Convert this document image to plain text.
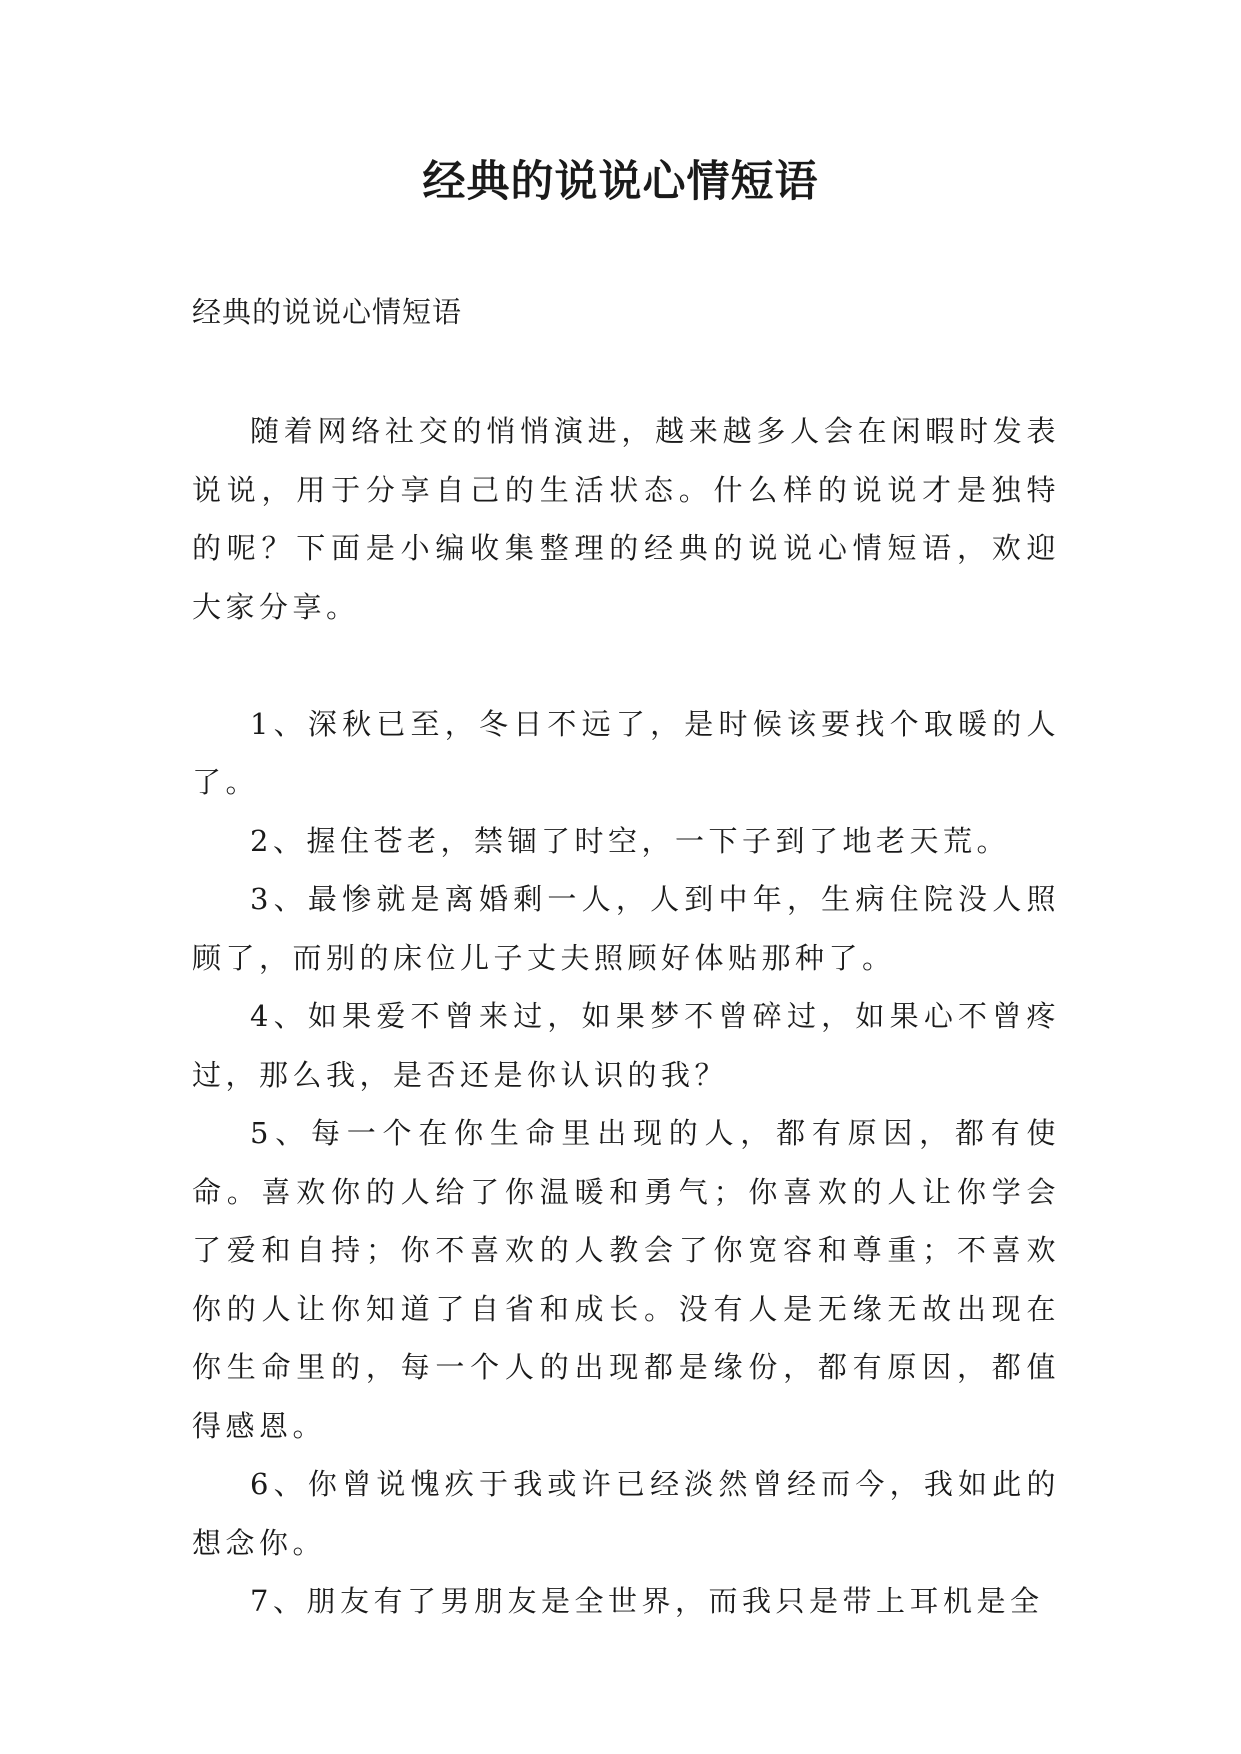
经典的说说心情短语
经典的说说心情短语

随着网络社交的悄悄演进，越来越多人会在闲暇时发表说说，用于分享自己的生活状态。什么样的说说才是独特的呢？下面是小编收集整理的经典的说说心情短语，欢迎大家分享。

1、深秋已至，冬日不远了，是时候该要找个取暖的人了。

2、握住苍老，禁锢了时空，一下子到了地老天荒。

3、最惨就是离婚剩一人，人到中年，生病住院没人照顾了，而别的床位儿子丈夫照顾好体贴那种了。

4、如果爱不曾来过，如果梦不曾碎过，如果心不曾疼过，那么我，是否还是你认识的我？

5、每一个在你生命里出现的人，都有原因，都有使命。喜欢你的人给了你温暖和勇气；你喜欢的人让你学会了爱和自持；你不喜欢的人教会了你宽容和尊重；不喜欢你的人让你知道了自省和成长。没有人是无缘无故出现在你生命里的，每一个人的出现都是缘份，都有原因，都值得感恩。

6、你曾说愧疚于我或许已经淡然曾经而今，我如此的想念你。

7、朋友有了男朋友是全世界，而我只是带上耳机是全
